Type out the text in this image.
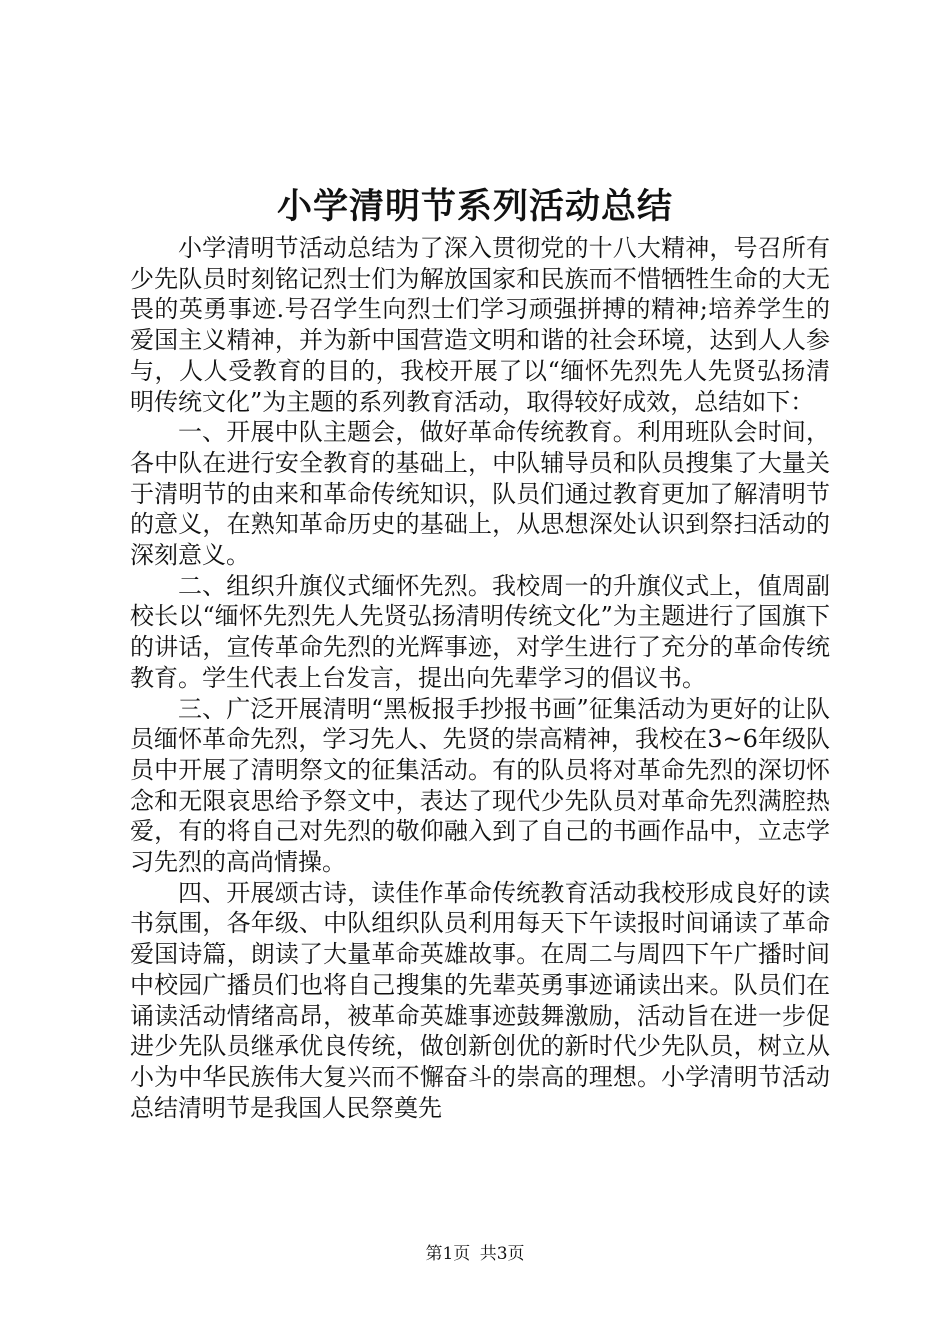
小学清明节系列活动总结

小学清明节活动总结为了深入贯彻党的十八大精神，号召所有少先队员时刻铭记烈士们为解放国家和民族而不惜牺牲生命的大无畏的英勇事迹.号召学生向烈士们学习顽强拼搏的精神;培养学生的爱国主义精神，并为新中国营造文明和谐的社会环境，达到人人参与，人人受教育的目的，我校开展了以“缅怀先烈先人先贤弘扬清明传统文化”为主题的系列教育活动，取得较好成效，总结如下：

一、开展中队主题会，做好革命传统教育。利用班队会时间，各中队在进行安全教育的基础上，中队辅导员和队员搜集了大量关于清明节的由来和革命传统知识，队员们通过教育更加了解清明节的意义，在熟知革命历史的基础上，从思想深处认识到祭扫活动的深刻意义。

二、组织升旗仪式缅怀先烈。我校周一的升旗仪式上，值周副校长以“缅怀先烈先人先贤弘扬清明传统文化”为主题进行了国旗下的讲话，宣传革命先烈的光辉事迹，对学生进行了充分的革命传统教育。学生代表上台发言，提出向先辈学习的倡议书。

三、广泛开展清明“黑板报手抄报书画”征集活动为更好的让队员缅怀革命先烈，学习先人、先贤的崇高精神，我校在3~6年级队员中开展了清明祭文的征集活动。有的队员将对革命先烈的深切怀念和无限哀思给予祭文中，表达了现代少先队员对革命先烈满腔热爱，有的将自己对先烈的敬仰融入到了自己的书画作品中，立志学习先烈的高尚情操。

四、开展颂古诗，读佳作革命传统教育活动我校形成良好的读书氛围，各年级、中队组织队员利用每天下午读报时间诵读了革命爱国诗篇，朗读了大量革命英雄故事。在周二与周四下午广播时间中校园广播员们也将自己搜集的先辈英勇事迹诵读出来。队员们在诵读活动情绪高昂，被革命英雄事迹鼓舞激励，活动旨在进一步促进少先队员继承优良传统，做创新创优的新时代少先队员，树立从小为中华民族伟大复兴而不懈奋斗的崇高的理想。小学清明节活动总结清明节是我国人民祭奠先

第1页 共3页
